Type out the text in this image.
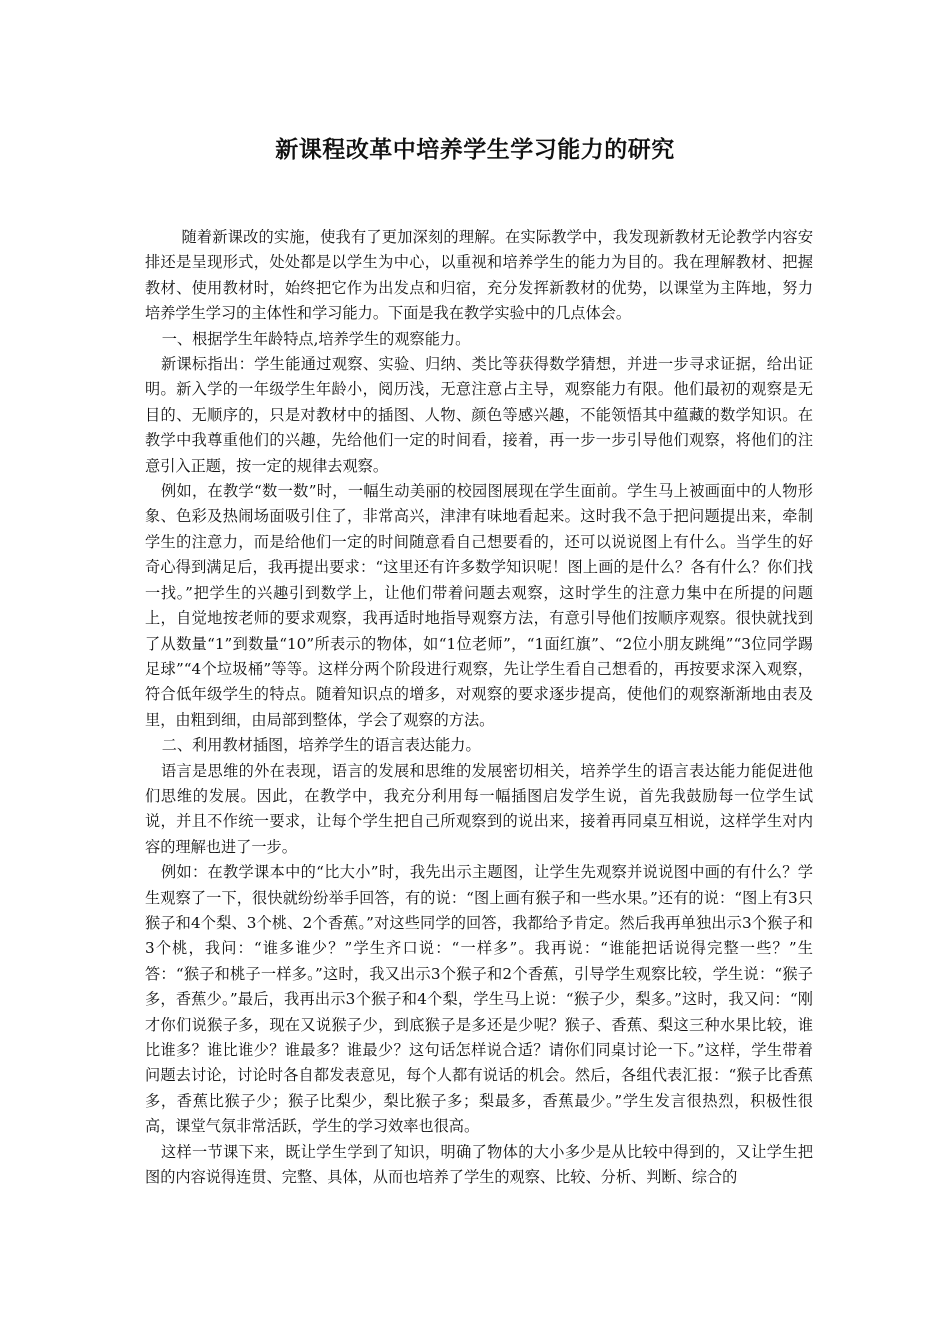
新课程改革中培养学生学习能力的研究

随着新课改的实施，使我有了更加深刻的理解。在实际教学中，我发现新教材无论教学内容安排还是呈现形式，处处都是以学生为中心，以重视和培养学生的能力为目的。我在理解教材、把握教材、使用教材时，始终把它作为出发点和归宿，充分发挥新教材的优势，以课堂为主阵地，努力培养学生学习的主体性和学习能力。下面是我在教学实验中的几点体会。

一、根据学生年龄特点,培养学生的观察能力。

新课标指出：学生能通过观察、实验、归纳、类比等获得数学猜想，并进一步寻求证据，给出证明。新入学的一年级学生年龄小，阅历浅，无意注意占主导，观察能力有限。他们最初的观察是无目的、无顺序的，只是对教材中的插图、人物、颜色等感兴趣，不能领悟其中蕴藏的数学知识。在教学中我尊重他们的兴趣，先给他们一定的时间看，接着，再一步一步引导他们观察，将他们的注意引入正题，按一定的规律去观察。

例如，在教学“数一数”时，一幅生动美丽的校园图展现在学生面前。学生马上被画面中的人物形象、色彩及热闹场面吸引住了，非常高兴，津津有味地看起来。这时我不急于把问题提出来，牵制学生的注意力，而是给他们一定的时间随意看自己想要看的，还可以说说图上有什么。当学生的好奇心得到满足后，我再提出要求：“这里还有许多数学知识呢！图上画的是什么？各有什么？你们找一找。”把学生的兴趣引到数学上，让他们带着问题去观察，这时学生的注意力集中在所提的问题上，自觉地按老师的要求观察，我再适时地指导观察方法，有意引导他们按顺序观察。很快就找到了从数量“1”到数量“10”所表示的物体，如“1位老师”，“1面红旗”、“2位小朋友跳绳”“3位同学踢足球”“4个垃圾桶”等等。这样分两个阶段进行观察，先让学生看自己想看的，再按要求深入观察，符合低年级学生的特点。随着知识点的增多，对观察的要求逐步提高，使他们的观察渐渐地由表及里，由粗到细，由局部到整体，学会了观察的方法。

二、利用教材插图，培养学生的语言表达能力。

语言是思维的外在表现，语言的发展和思维的发展密切相关，培养学生的语言表达能力能促进他们思维的发展。因此，在教学中，我充分利用每一幅插图启发学生说，首先我鼓励每一位学生试说，并且不作统一要求，让每个学生把自己所观察到的说出来，接着再同桌互相说，这样学生对内容的理解也进了一步。

例如：在教学课本中的“比大小”时，我先出示主题图，让学生先观察并说说图中画的有什么？学生观察了一下，很快就纷纷举手回答，有的说：“图上画有猴子和一些水果。”还有的说：“图上有3只猴子和4个梨、3个桃、2个香蕉。”对这些同学的回答，我都给予肯定。然后我再单独出示3个猴子和3个桃，我问：“谁多谁少？”学生齐口说：“一样多”。我再说：“谁能把话说得完整一些？”生答：“猴子和桃子一样多。”这时，我又出示3个猴子和2个香蕉，引导学生观察比较，学生说：“猴子多，香蕉少。”最后，我再出示3个猴子和4个梨，学生马上说：“猴子少，梨多。”这时，我又问：“刚才你们说猴子多，现在又说猴子少，到底猴子是多还是少呢？猴子、香蕉、梨这三种水果比较，谁比谁多？谁比谁少？谁最多？谁最少？这句话怎样说合适？请你们同桌讨论一下。”这样，学生带着问题去讨论，讨论时各自都发表意见，每个人都有说话的机会。然后，各组代表汇报：“猴子比香蕉多，香蕉比猴子少；猴子比梨少，梨比猴子多；梨最多，香蕉最少。”学生发言很热烈，积极性很高，课堂气氛非常活跃，学生的学习效率也很高。

这样一节课下来，既让学生学到了知识，明确了物体的大小多少是从比较中得到的，又让学生把图的内容说得连贯、完整、具体，从而也培养了学生的观察、比较、分析、判断、综合的
